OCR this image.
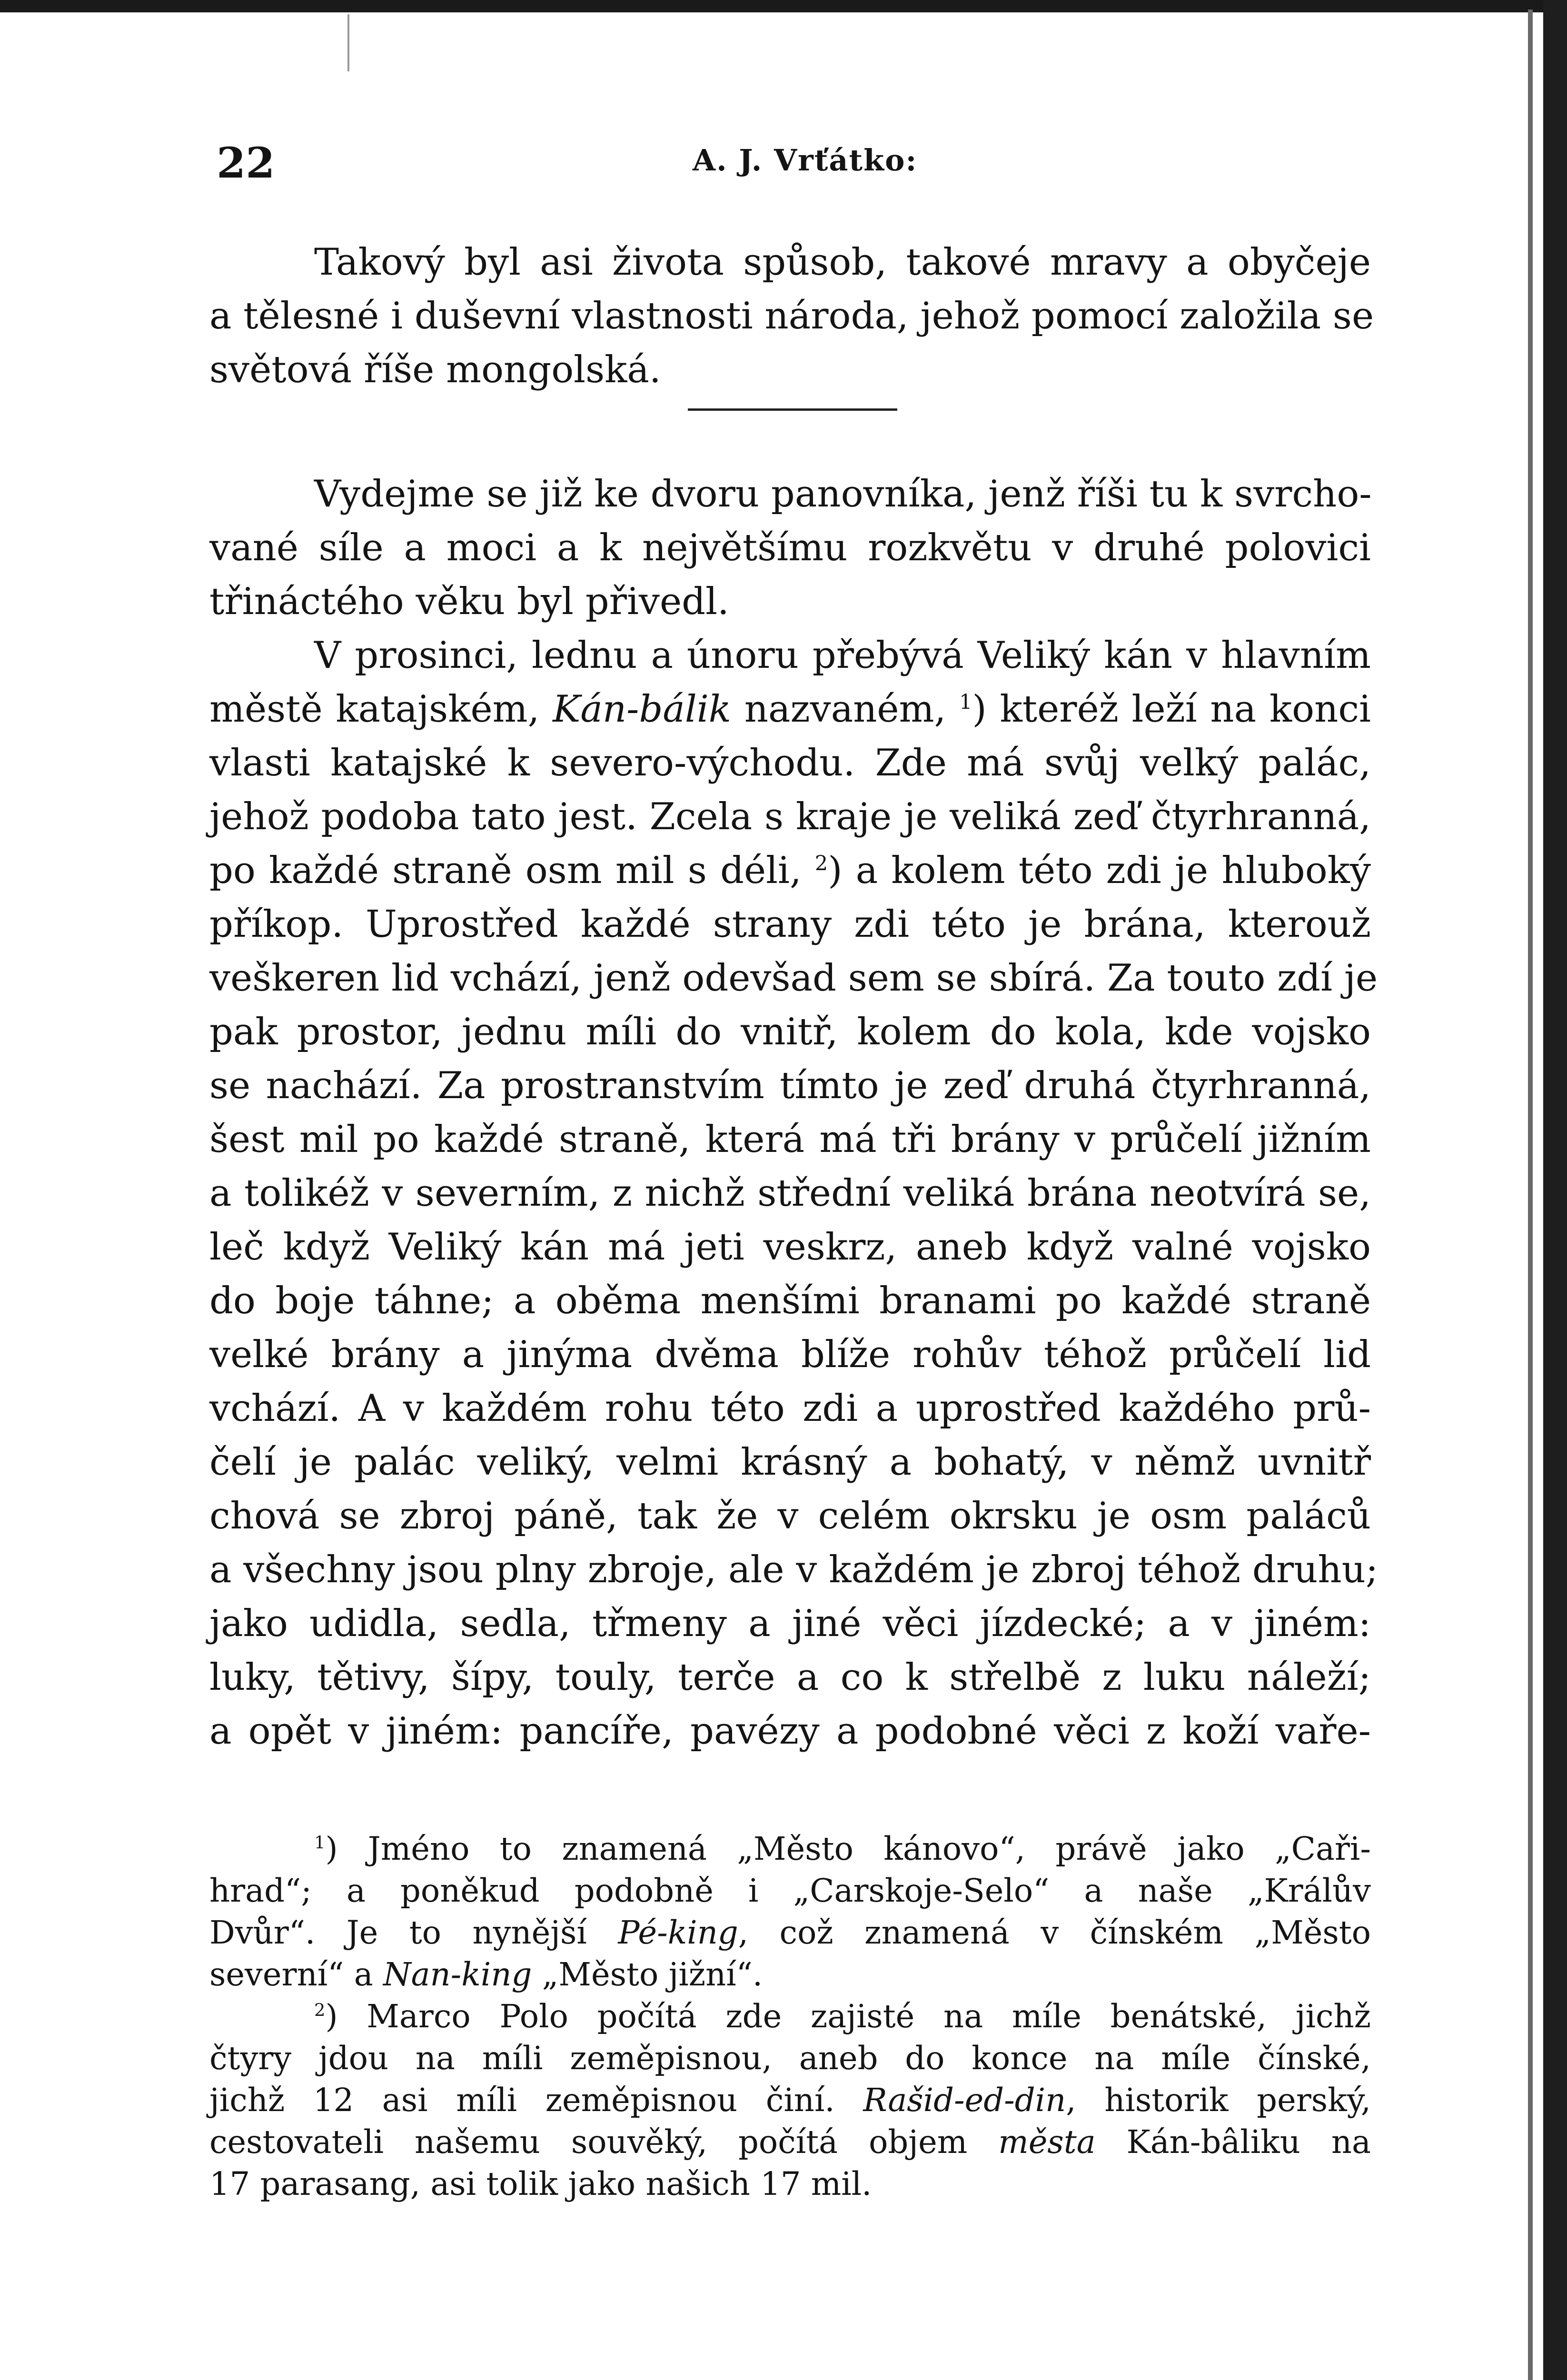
22	A. J. Vrťátko:
Takový byl asi života spůsob, takové mravy a obyčeje
a tělesné i duševní vlastnosti národa, jehož pomocí založila se
světová říše mongolská.
Vydejme se již ke dvoru panovníka, jenž říši tu k svrcho-
vané síle a moci a k největšímu rozkvětu v druhé polovici
třináctého věku byl přivedl.
V prosinci, lednu a únoru přebývá Veliký kán v hlavním
městě katajském, Kán-bálik nazvaném, $^1$) kteréž leží na konci
vlasti katajské k severo-východu. Zde má svůj velký palác,
jehož podoba tato jest. Zcela s kraje je veliká zeď čtyrhranná,
po každé straně osm mil s déli, $^2$) a kolem této zdi je hluboký
příkop. Uprostřed každé strany zdi této je brána, kterouž
veškeren lid vchází, jenž odevšad sem se sbírá. Za touto zdí je
pak prostor, jednu míli do vnitř, kolem do kola, kde vojsko
se nachází. Za prostranstvím tímto je zeď druhá čtyrhranná,
šest mil po každé straně, která má tři brány v průčelí jižním
a tolikéž v severním, z nichž střední veliká brána neotvírá se,
leč když Veliký kán má jeti veskrz, aneb když valné vojsko
do boje táhne; a oběma menšími branami po každé straně
velké brány a jinýma dvěma blíže rohův téhož průčelí lid
vchází. A v každém rohu této zdi a uprostřed každého prů-
čelí je palác veliký, velmi krásný a bohatý, v němž uvnitř
chová se zbroj páně, tak že v celém okrsku je osm paláců
a všechny jsou plny zbroje, ale v každém je zbroj téhož druhu;
jako udidla, sedla, třmeny a jiné věci jízdecké; a v jiném:
luky, tětivy, šípy, touly, terče a co k střelbě z luku náleží;
a opět v jiném: pancíře, pavézy a podobné věci z koží vaře-
$^1$) Jméno to znamená „Město kánovo“, právě jako „Caři-
hrad“; a poněkud podobně i „Carskoje-Selo“ a naše „Králův
Dvůr“. Je to nynější Pé-king, což znamená v čínském „Město
severní“ a Nan-king „Město jižní“.
$^2$) Marco Polo počítá zde zajisté na míle benátské, jichž
čtyry jdou na míli zeměpisnou, aneb do konce na míle čínské,
jichž 12 asi míli zeměpisnou činí. Rašid-ed-din, historik perský,
cestovateli našemu souvěký, počítá objem města Kán-bâliku na
17 parasang, asi tolik jako našich 17 mil.
